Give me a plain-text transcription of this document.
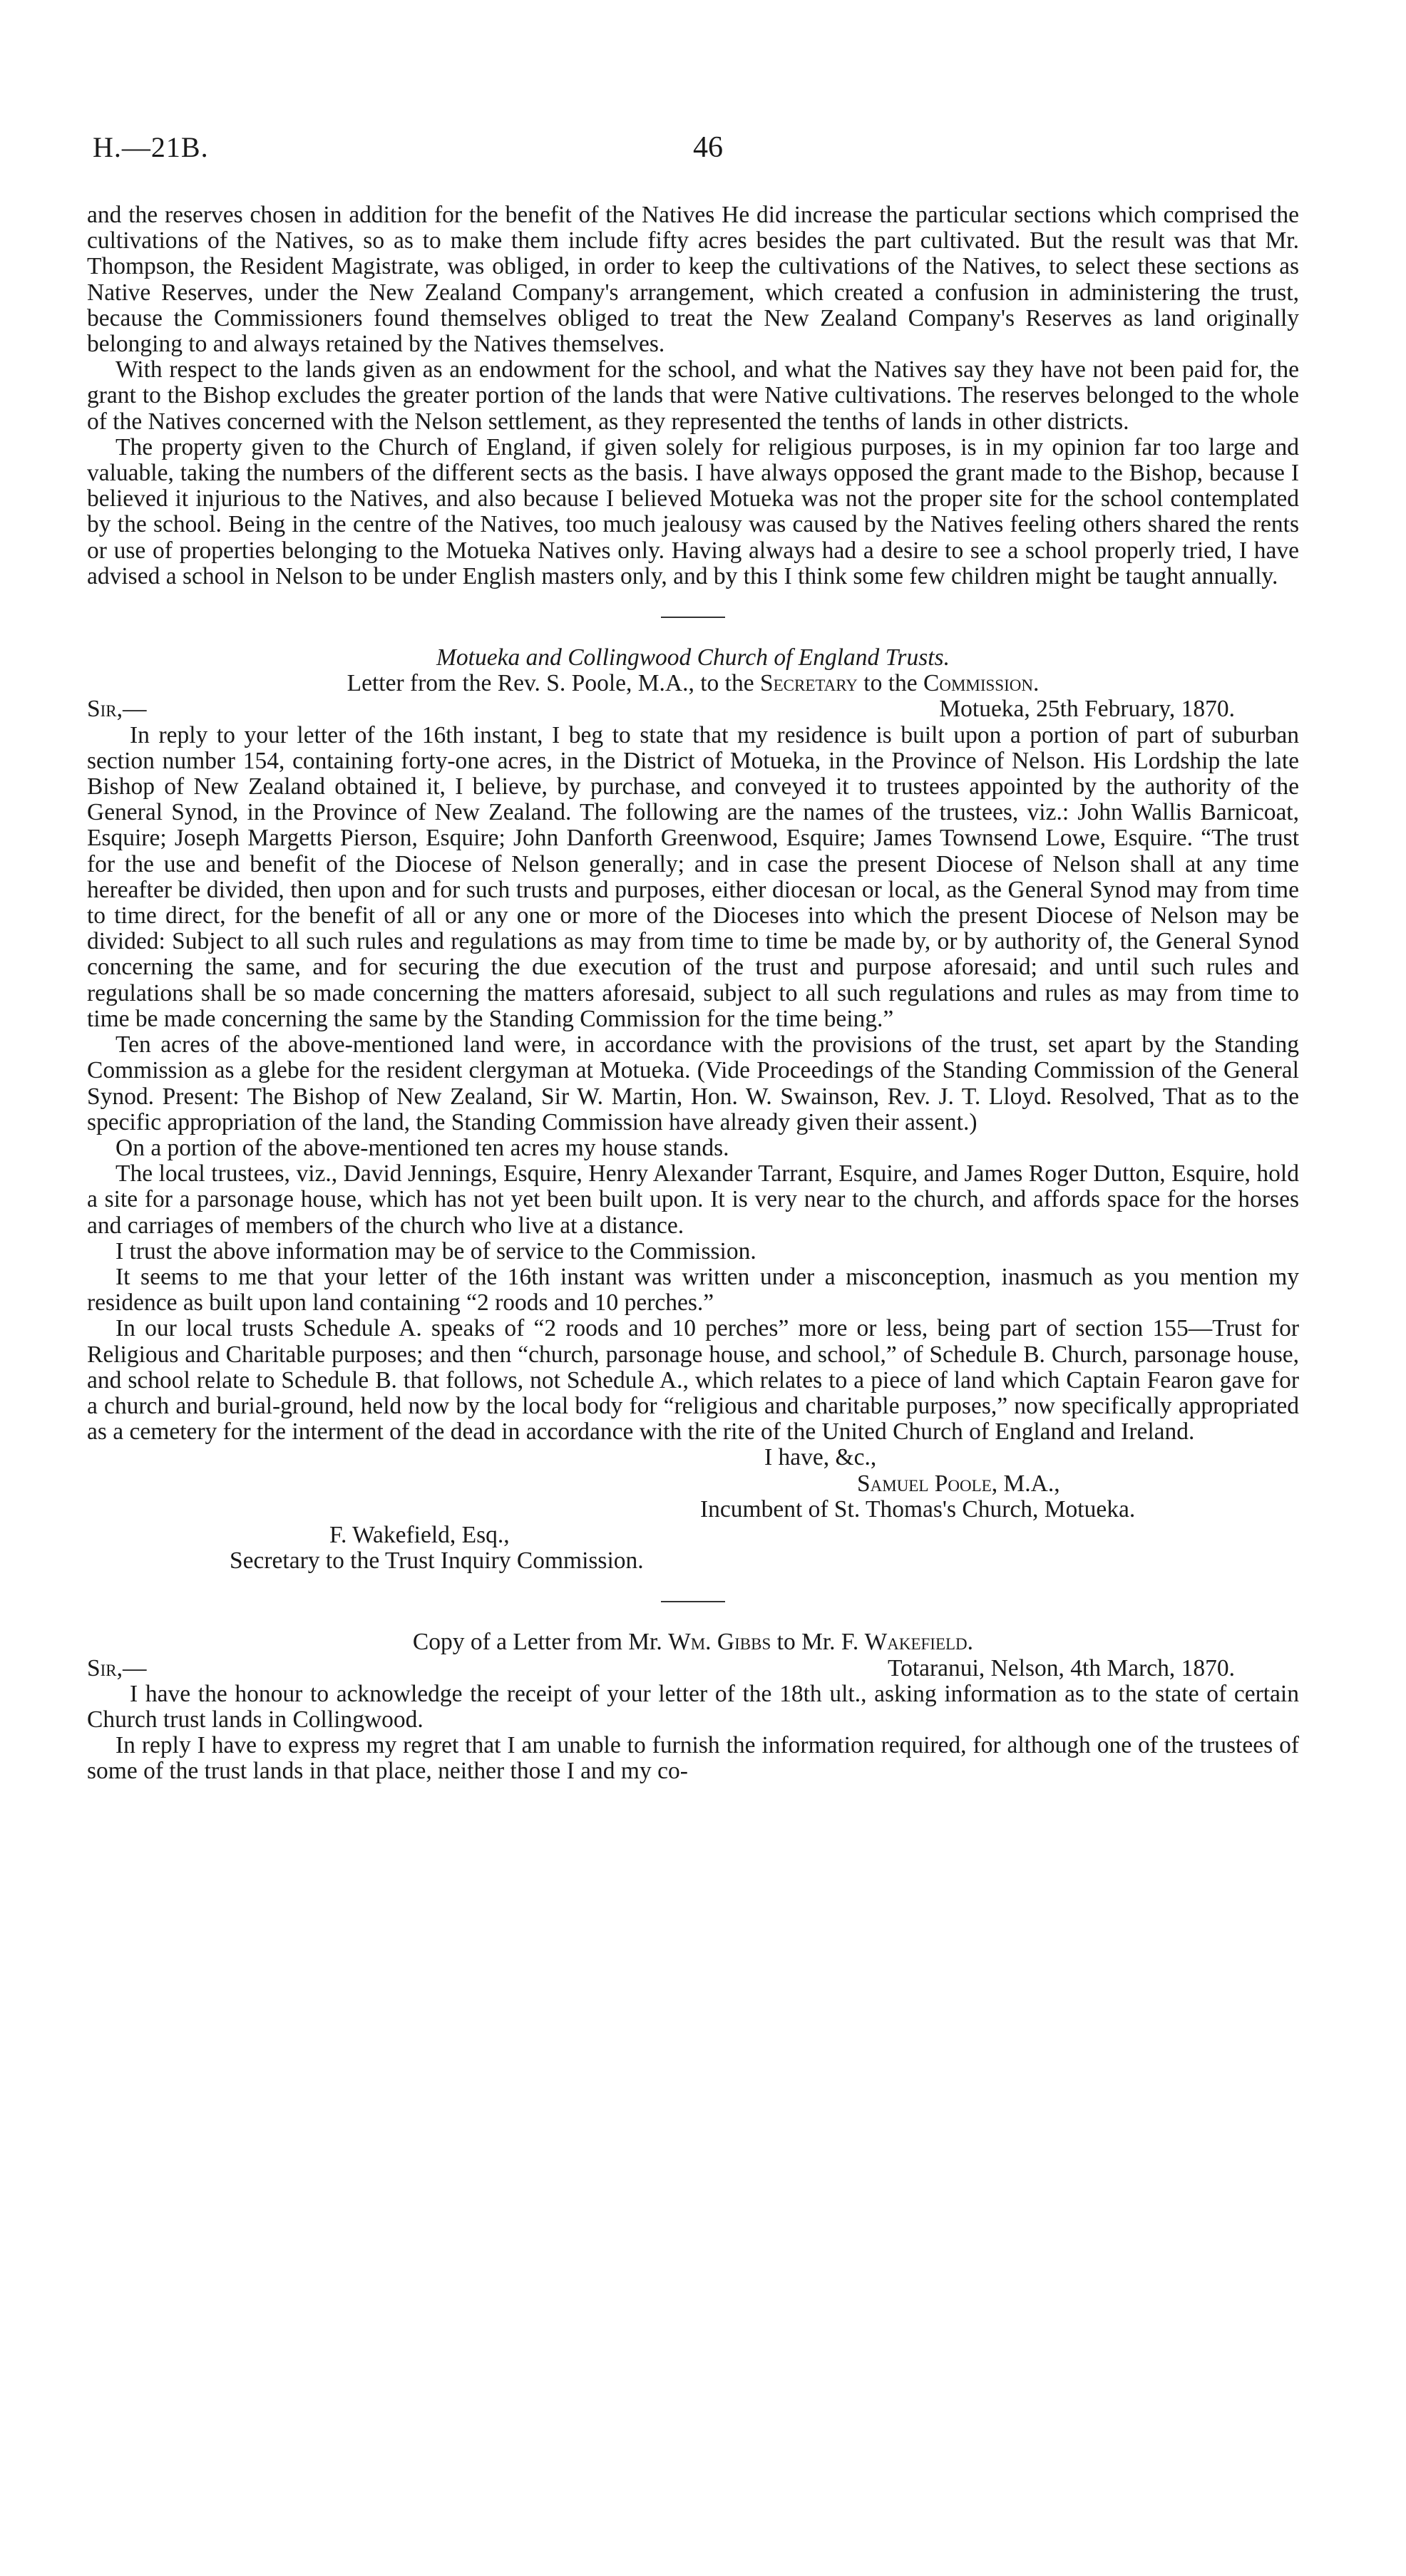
H.—21B.	46

and the reserves chosen in addition for the benefit of the Natives He did increase the particular sections which comprised the cultivations of the Natives, so as to make them include fifty acres besides the part cultivated. But the result was that Mr. Thompson, the Resident Magistrate, was obliged, in order to keep the cultivations of the Natives, to select these sections as Native Reserves, under the New Zealand Company's arrangement, which created a confusion in administering the trust, because the Commissioners found themselves obliged to treat the New Zealand Company's Reserves as land originally belonging to and always retained by the Natives themselves.

With respect to the lands given as an endowment for the school, and what the Natives say they have not been paid for, the grant to the Bishop excludes the greater portion of the lands that were Native cultivations. The reserves belonged to the whole of the Natives concerned with the Nelson settlement, as they represented the tenths of lands in other districts.

The property given to the Church of England, if given solely for religious purposes, is in my opinion far too large and valuable, taking the numbers of the different sects as the basis. I have always opposed the grant made to the Bishop, because I believed it injurious to the Natives, and also because I believed Motueka was not the proper site for the school contemplated by the school. Being in the centre of the Natives, too much jealousy was caused by the Natives feeling others shared the rents or use of properties belonging to the Motueka Natives only. Having always had a desire to see a school properly tried, I have advised a school in Nelson to be under English masters only, and by this I think some few children might be taught annually.

Motueka and Collingwood Church of England Trusts.

Letter from the Rev. S. Poole, M.A., to the Secretary to the Commission.

Sir,—	Motueka, 25th February, 1870.

In reply to your letter of the 16th instant, I beg to state that my residence is built upon a portion of part of suburban section number 154, containing forty-one acres, in the District of Motueka, in the Province of Nelson. His Lordship the late Bishop of New Zealand obtained it, I believe, by purchase, and conveyed it to trustees appointed by the authority of the General Synod, in the Province of New Zealand. The following are the names of the trustees, viz.: John Wallis Barnicoat, Esquire; Joseph Margetts Pierson, Esquire; John Danforth Greenwood, Esquire; James Townsend Lowe, Esquire. “The trust for the use and benefit of the Diocese of Nelson generally; and in case the present Diocese of Nelson shall at any time hereafter be divided, then upon and for such trusts and purposes, either diocesan or local, as the General Synod may from time to time direct, for the benefit of all or any one or more of the Dioceses into which the present Diocese of Nelson may be divided: Subject to all such rules and regulations as may from time to time be made by, or by authority of, the General Synod concerning the same, and for securing the due execution of the trust and purpose aforesaid; and until such rules and regulations shall be so made concerning the matters aforesaid, subject to all such regulations and rules as may from time to time be made concerning the same by the Standing Commission for the time being.”

Ten acres of the above-mentioned land were, in accordance with the provisions of the trust, set apart by the Standing Commission as a glebe for the resident clergyman at Motueka. (Vide Proceedings of the Standing Commission of the General Synod. Present: The Bishop of New Zealand, Sir W. Martin, Hon. W. Swainson, Rev. J. T. Lloyd. Resolved, That as to the specific appropriation of the land, the Standing Commission have already given their assent.)

On a portion of the above-mentioned ten acres my house stands.

The local trustees, viz., David Jennings, Esquire, Henry Alexander Tarrant, Esquire, and James Roger Dutton, Esquire, hold a site for a parsonage house, which has not yet been built upon. It is very near to the church, and affords space for the horses and carriages of members of the church who live at a distance.

I trust the above information may be of service to the Commission.

It seems to me that your letter of the 16th instant was written under a misconception, inasmuch as you mention my residence as built upon land containing “2 roods and 10 perches.”

In our local trusts Schedule A. speaks of “2 roods and 10 perches” more or less, being part of section 155—Trust for Religious and Charitable purposes; and then “church, parsonage house, and school,” of Schedule B. Church, parsonage house, and school relate to Schedule B. that follows, not Schedule A., which relates to a piece of land which Captain Fearon gave for a church and burial-ground, held now by the local body for “religious and charitable purposes,” now specifically appropriated as a cemetery for the interment of the dead in accordance with the rite of the United Church of England and Ireland.

I have, &c.,

Samuel Poole, M.A.,

Incumbent of St. Thomas's Church, Motueka.

F. Wakefield, Esq.,

Secretary to the Trust Inquiry Commission.

Copy of a Letter from Mr. Wm. Gibbs to Mr. F. Wakefield.

Sir,—	Totaranui, Nelson, 4th March, 1870.

I have the honour to acknowledge the receipt of your letter of the 18th ult., asking information as to the state of certain Church trust lands in Collingwood.

In reply I have to express my regret that I am unable to furnish the information required, for although one of the trustees of some of the trust lands in that place, neither those I and my co-
